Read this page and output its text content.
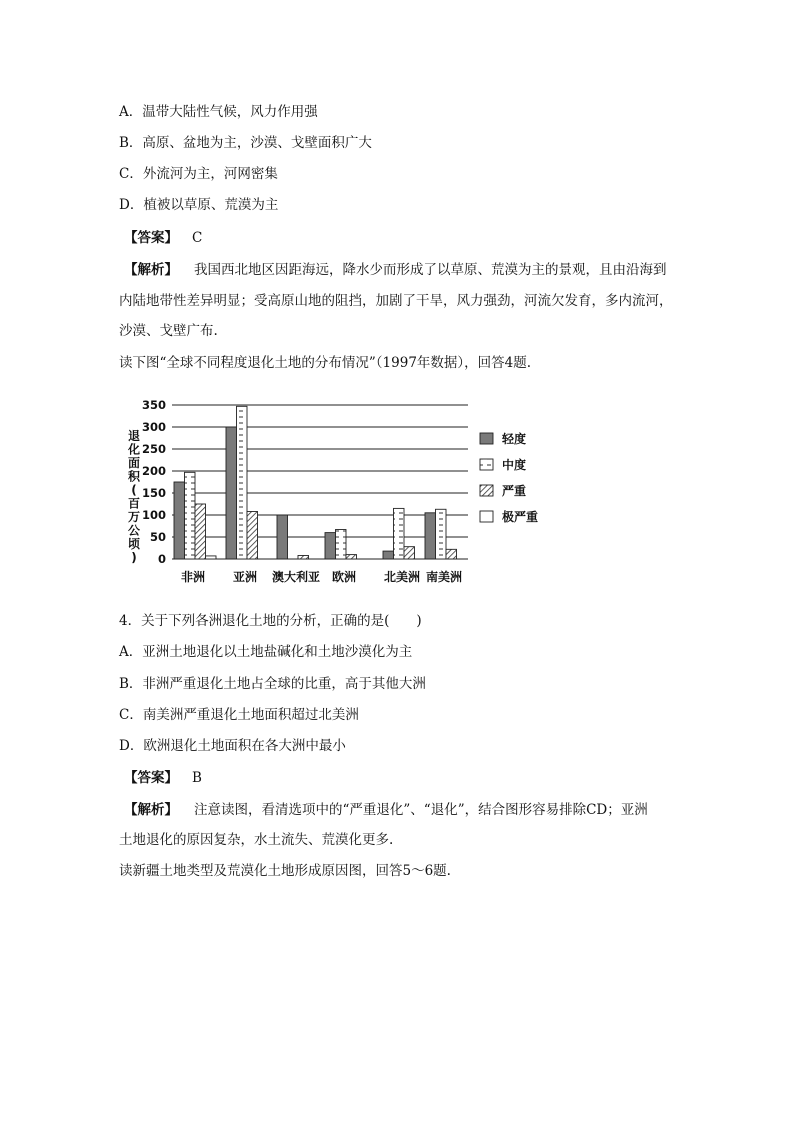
A．温带大陆性气候，风力作用强
B．高原、盆地为主，沙漠、戈壁面积广大
C．外流河为主，河网密集
D．植被以草原、荒漠为主
【答案】 C
【解析】 我国西北地区因距海远，降水少而形成了以草原、荒漠为主的景观，且由沿海到
内陆地带性差异明显；受高原山地的阻挡，加剧了干旱，风力强劲，河流欠发育，多内流河，
沙漠、戈壁广布.
读下图“全球不同程度退化土地的分布情况”（1997年数据），回答4题.
0
50
100
150
200
250
300
350
退
化
面
积
(
百
万
公
顷
)
非洲 亚洲 澳大利亚 欧洲 北美洲 南美洲
轻度
中度
严重
极严重
4．关于下列各洲退化土地的分析，正确的是(　　)
A．亚洲土地退化以土地盐碱化和土地沙漠化为主
B．非洲严重退化土地占全球的比重，高于其他大洲
C．南美洲严重退化土地面积超过北美洲
D．欧洲退化土地面积在各大洲中最小
【答案】 B
【解析】 注意读图，看清选项中的“严重退化”、“退化”，结合图形容易排除CD；亚洲
土地退化的原因复杂，水土流失、荒漠化更多.
读新疆土地类型及荒漠化土地形成原因图，回答5～6题.
